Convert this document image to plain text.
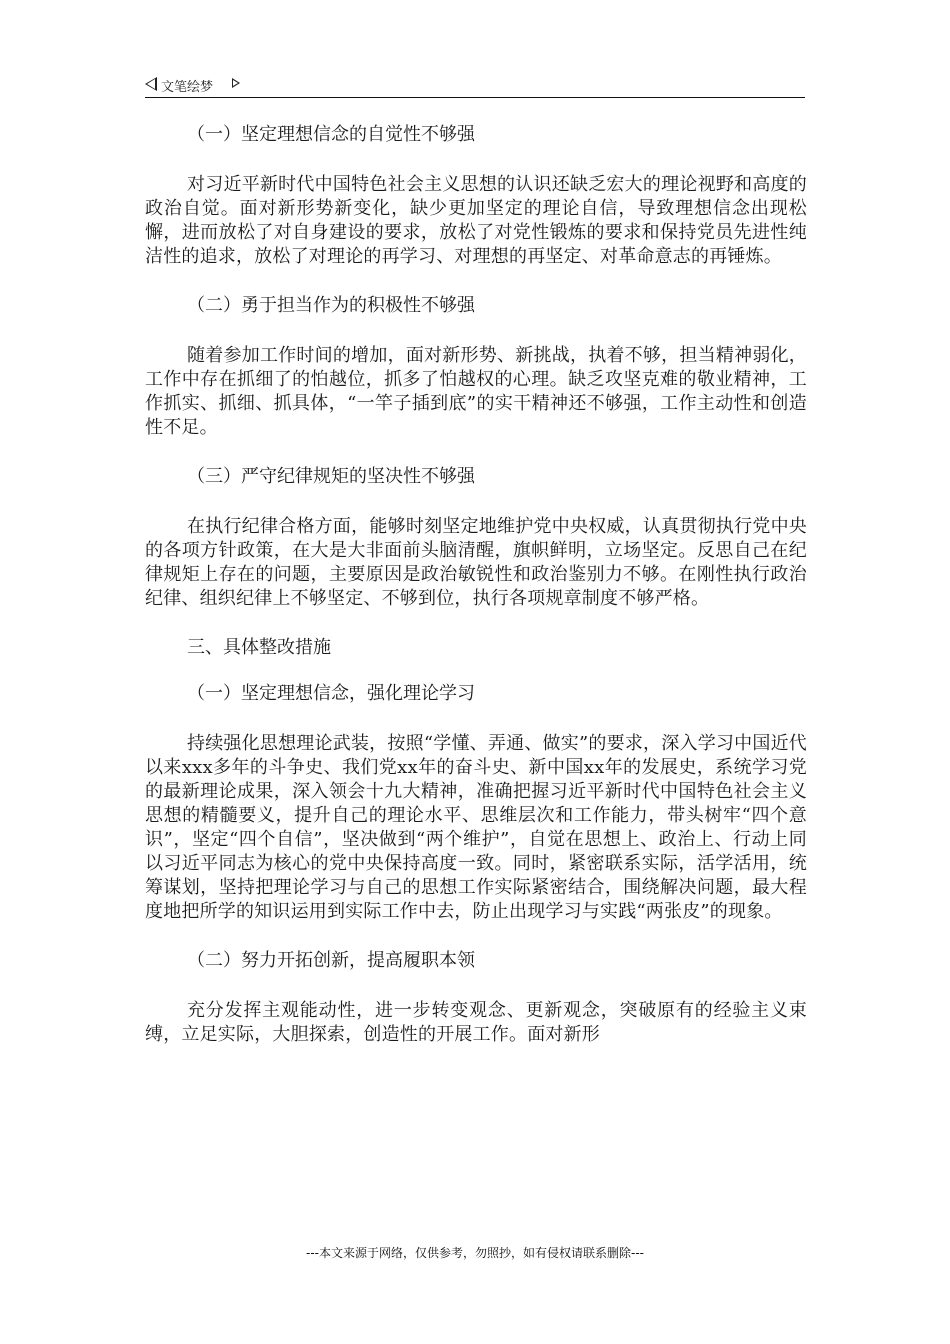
文笔绘梦
（一）坚定理想信念的自觉性不够强
对习近平新时代中国特色社会主义思想的认识还缺乏宏大的理论视野和高度的政治自觉。面对新形势新变化，缺少更加坚定的理论自信，导致理想信念出现松懈，进而放松了对自身建设的要求，放松了对党性锻炼的要求和保持党员先进性纯洁性的追求，放松了对理论的再学习、对理想的再坚定、对革命意志的再锤炼。
（二）勇于担当作为的积极性不够强
随着参加工作时间的增加，面对新形势、新挑战，执着不够，担当精神弱化，工作中存在抓细了的怕越位，抓多了怕越权的心理。缺乏攻坚克难的敬业精神，工作抓实、抓细、抓具体，“一竿子插到底”的实干精神还不够强，工作主动性和创造性不足。
（三）严守纪律规矩的坚决性不够强
在执行纪律合格方面，能够时刻坚定地维护党中央权威，认真贯彻执行党中央的各项方针政策，在大是大非面前头脑清醒，旗帜鲜明，立场坚定。反思自己在纪律规矩上存在的问题，主要原因是政治敏锐性和政治鉴别力不够。在刚性执行政治纪律、组织纪律上不够坚定、不够到位，执行各项规章制度不够严格。
三、具体整改措施
（一）坚定理想信念，强化理论学习
持续强化思想理论武装，按照“学懂、弄通、做实”的要求，深入学习中国近代以来xxx多年的斗争史、我们党xx年的奋斗史、新中国xx年的发展史，系统学习党的最新理论成果，深入领会十九大精神，准确把握习近平新时代中国特色社会主义思想的精髓要义，提升自己的理论水平、思维层次和工作能力，带头树牢“四个意识”，坚定“四个自信”，坚决做到“两个维护”，自觉在思想上、政治上、行动上同以习近平同志为核心的党中央保持高度一致。同时，紧密联系实际，活学活用，统筹谋划，坚持把理论学习与自己的思想工作实际紧密结合，围绕解决问题，最大程度地把所学的知识运用到实际工作中去，防止出现学习与实践“两张皮”的现象。
（二）努力开拓创新，提高履职本领
充分发挥主观能动性，进一步转变观念、更新观念，突破原有的经验主义束缚，立足实际，大胆探索，创造性的开展工作。面对新形
---本文来源于网络，仅供参考，勿照抄，如有侵权请联系删除---
